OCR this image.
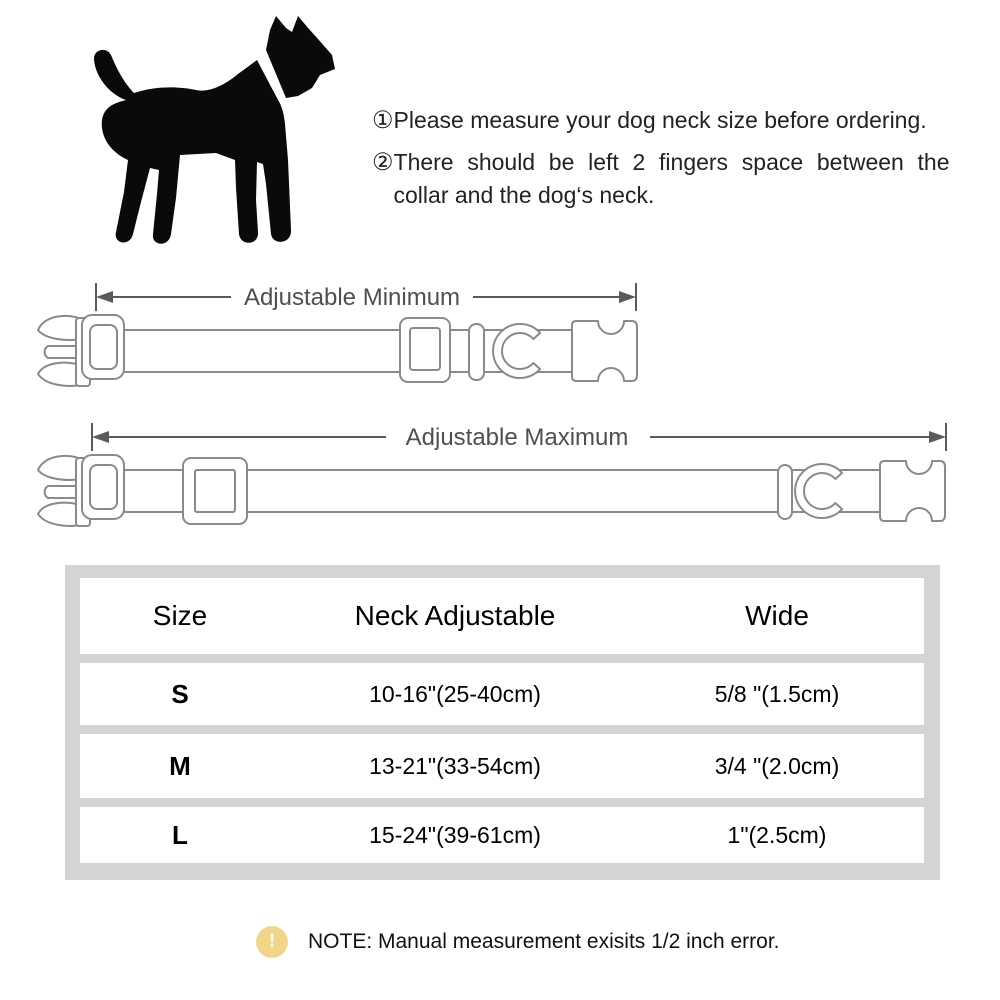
① Please measure your dog neck size before ordering.
② There should be left 2 fingers space between the collar and the dog‘s neck.
Adjustable Minimum
Adjustable Maximum
Size	Neck Adjustable	Wide
S	10-16"(25-40cm)	5/8 "(1.5cm)
M	13-21"(33-54cm)	3/4 "(2.0cm)
L	15-24"(39-61cm)	1"(2.5cm)
!	NOTE: Manual measurement exisits 1/2 inch error.
